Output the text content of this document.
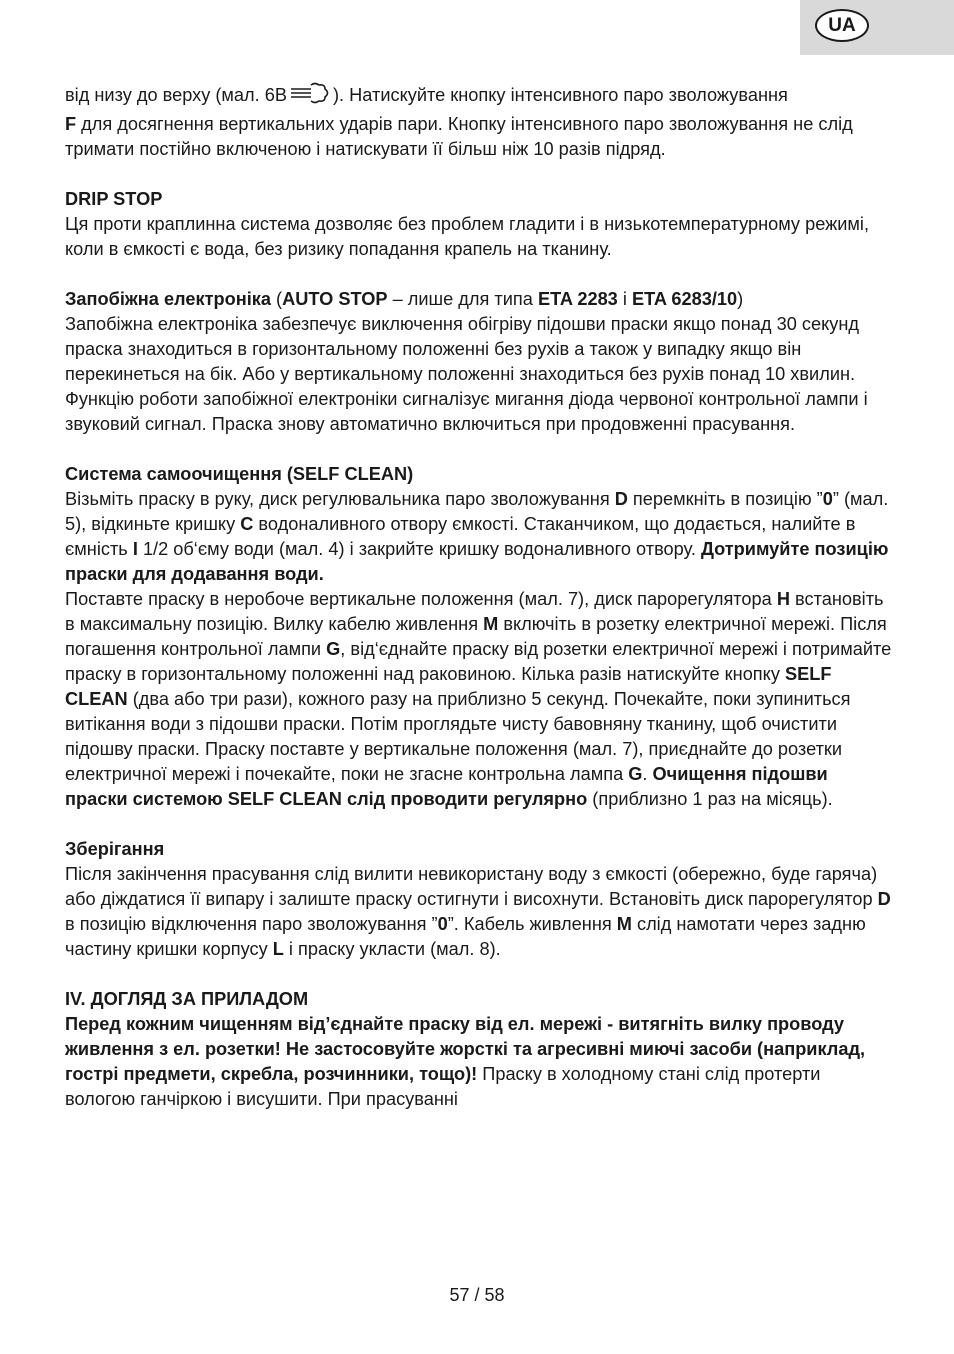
UA

від низу до верху (мал. 6B	). Натискуйте кнопку інтенсивного паро зволожування
F для досягнення вертикальних ударів пари. Кнопку інтенсивного паро зволожування не слід тримати постійно включеною і натискувати її більш ніж 10 разів підряд.

DRIP STOP

Ця проти краплинна система дозволяє без проблем гладити і в низькотемпературному режимі, коли в ємкості є вода, без ризику попадання крапель на тканину.

Запобіжна електроніка (AUTO STOP – лише для типа ETA 2283 і ETA 6283/10)

Запобіжна електроніка забезпечує виключення обігріву підошви праски якщо понад 30 секунд праска знаходиться в горизонтальному положенні без рухів а також у випадку якщо він перекинеться на бік. Або у вертикальному положенні знаходиться без рухів понад 10 хвилин.

Функцію роботи запобіжної електроніки сигналізує мигання діода червоної контрольної лампи і звуковий сигнал. Праска знову автоматично включиться при продовженні прасування.

Система самоочищення (SELF CLEAN)

Візьміть праску в руку, диск регулювальника паро зволожування D перемкніть в позицію ”0” (мал. 5), відкиньте кришку C водоналивного отвору ємкості. Стаканчиком, що додається, налийте в ємність I 1/2 об‘єму води (мал. 4) і закрийте кришку водоналивного отвору. Дотримуйте позицію праски для додавання води.
Поставте праску в неробоче вертикальне положення (мал. 7), диск парорегулятора H встановіть в максимальну позицію. Вилку кабелю живлення M включіть в розетку електричної мережі. Після погашення контрольної лампи G, від‘єднайте праску від розетки електричної мережі і потримайте праску в горизонтальному положенні над раковиною. Кілька разів натискуйте кнопку SELF CLEAN (два або три рази), кожного разу на приблизно 5 секунд. Почекайте, поки зупиниться витікання води з підошви праски. Потім проглядьте чисту бавовняну тканину, щоб очистити підошву праски. Праску поставте у вертикальне положення (мал. 7), приєднайте до розетки електричної мережі і почекайте, поки не згасне контрольна лампа G. Очищення підошви праски системою SELF CLEAN слід проводити регулярно (приблизно 1 раз на місяць).

Зберігання

Після закінчення прасування слід вилити невикористану воду з ємкості (обережно, буде гаряча) або діждатися її випару і залиште праску остигнути і висохнути. Встановіть диск парорегулятор D в позицію відключення паро зволожування ”0”. Кабель живлення M слід намотати через задню частину кришки корпусу L і праску укласти (мал. 8).

IV. ДОГЛЯД ЗА ПРИЛАДОМ

Перед кожним чищенням від’єднайте праску від ел. мережі - витягніть вилку проводу живлення з ел. розетки! Не застосовуйте жорсткі та агресивні миючі засоби (наприклад, гострі предмети, скребла, розчинники, тощо)! Праску в холодному стані слід протерти вологою ганчіркою і висушити. При прасуванні

57 / 58
